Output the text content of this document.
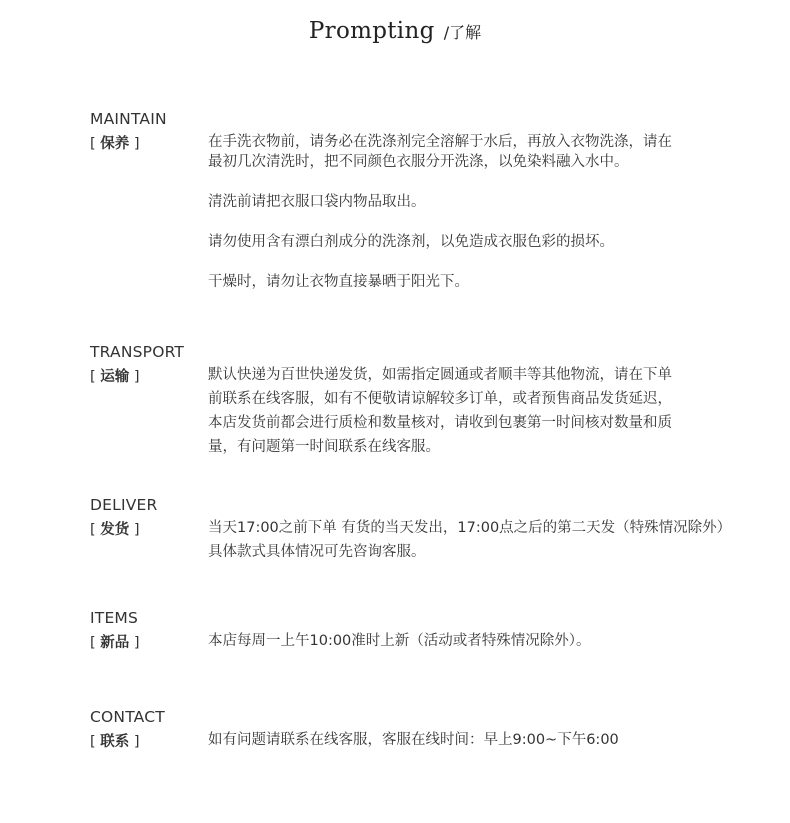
Prompting /了解
MAINTAIN
[ 保养 ]	在手洗衣物前，请务必在洗涤剂完全溶解于水后，再放入衣物洗涤，请在

最初几次清洗时，把不同颜色衣服分开洗涤，以免染料融入水中。

清洗前请把衣服口袋内物品取出。

请勿使用含有漂白剂成分的洗涤剂，以免造成衣服色彩的损坏。

干燥时，请勿让衣物直接暴晒于阳光下。

TRANSPORT
[ 运输 ]	默认快递为百世快递发货，如需指定圆通或者顺丰等其他物流，请在下单

前联系在线客服，如有不便敬请谅解较多订单，或者预售商品发货延迟，

本店发货前都会进行质检和数量核对，请收到包裹第一时间核对数量和质

量，有问题第一时间联系在线客服。

DELIVER
[ 发货 ]	当天17:00之前下单 有货的当天发出，17:00点之后的第二天发（特殊情况除外）

具体款式具体情况可先咨询客服。

ITEMS
[ 新品 ]	本店每周一上午10:00准时上新（活动或者特殊情况除外）。

CONTACT
[ 联系 ]	如有问题请联系在线客服，客服在线时间：早上9:00~下午6:00
